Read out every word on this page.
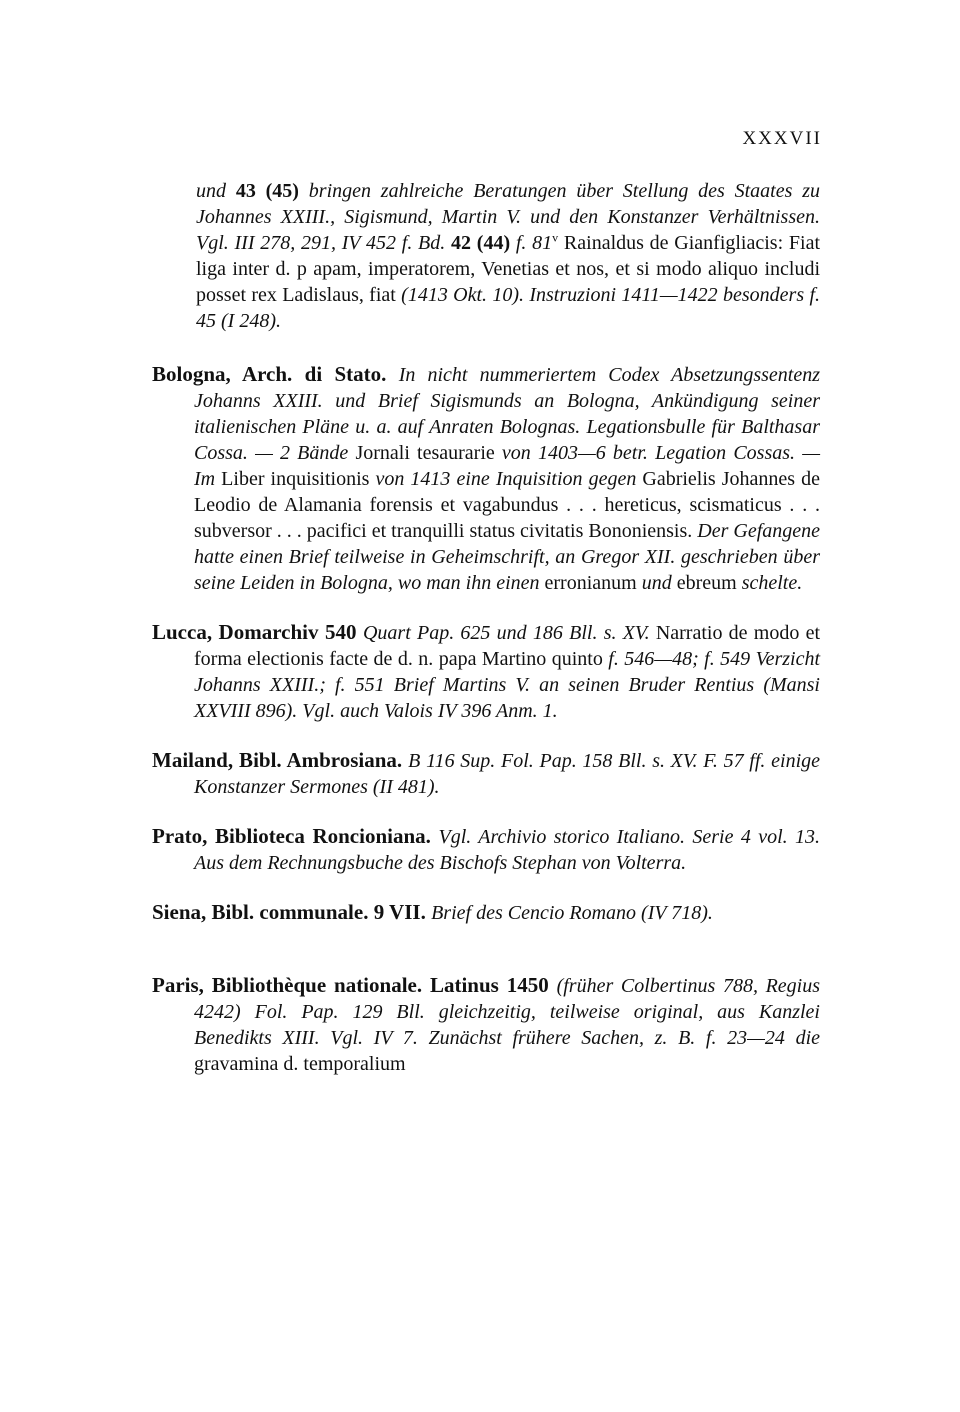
XXXVII

und 43 (45) bringen zahlreiche Beratungen über Stellung des Staates zu Johannes XXIII., Sigismund, Martin V. und den Konstanzer Verhältnissen. Vgl. III 278, 291, IV 452 f. Bd. 42 (44) f. 81$^v$ Rainaldus de Gianfigliacis: Fiat liga inter d. p apam, imperatorem, Venetias et nos, et si modo aliquo includi posset rex Ladislaus, fiat (1413 Okt. 10). Instruzioni 1411—1422 besonders f. 45 (I 248).

Bologna, Arch. di Stato. In nicht nummeriertem Codex Absetzungssentenz Johanns XXIII. und Brief Sigismunds an Bologna, Ankündigung seiner italienischen Pläne u. a. auf Anraten Bolognas. Legationsbulle für Balthasar Cossa. — 2 Bände Jornali tesaurarie von 1403—6 betr. Legation Cossas. — Im Liber inquisitionis von 1413 eine Inquisition gegen Gabrielis Johannes de Leodio de Alamania forensis et vagabundus . . . hereticus, scismaticus . . . subversor . . . pacifici et tranquilli status civitatis Bononiensis. Der Gefangene hatte einen Brief teilweise in Geheimschrift, an Gregor XII. geschrieben über seine Leiden in Bologna, wo man ihn einen erronianum und ebreum schelte.

Lucca, Domarchiv 540 Quart Pap. 625 und 186 Bll. s. XV. Narratio de modo et forma electionis facte de d. n. papa Martino quinto f. 546—48; f. 549 Verzicht Johanns XXIII.; f. 551 Brief Martins V. an seinen Bruder Rentius (Mansi XXVIII 896). Vgl. auch Valois IV 396 Anm. 1.

Mailand, Bibl. Ambrosiana. B 116 Sup. Fol. Pap. 158 Bll. s. XV. F. 57 ff. einige Konstanzer Sermones (II 481).

Prato, Biblioteca Roncioniana. Vgl. Archivio storico Italiano. Serie 4 vol. 13. Aus dem Rechnungsbuche des Bischofs Stephan von Volterra.

Siena, Bibl. communale. 9 VII. Brief des Cencio Romano (IV 718).

Paris, Bibliothèque nationale. Latinus 1450 (früher Colbertinus 788, Regius 4242) Fol. Pap. 129 Bll. gleichzeitig, teilweise original, aus Kanzlei Benedikts XIII. Vgl. IV 7. Zunächst frühere Sachen, z. B. f. 23—24 die gravamina d. temporalium
